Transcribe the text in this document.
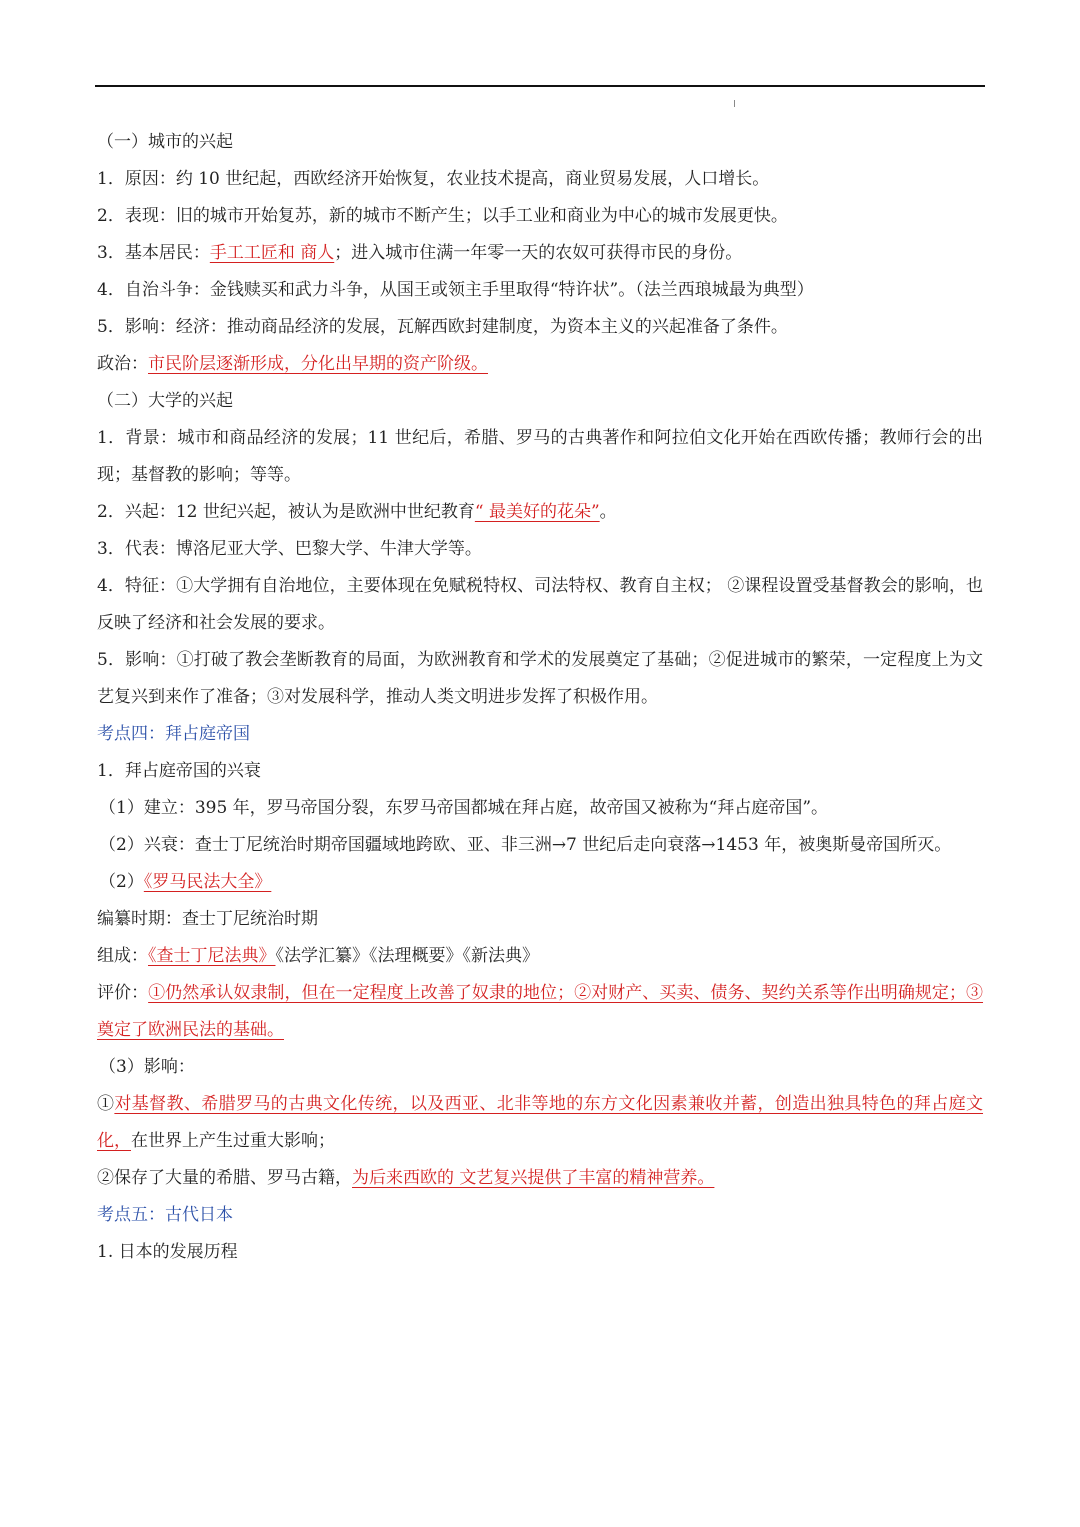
（一）城市的兴起
1．原因：约 10 世纪起，西欧经济开始恢复，农业技术提高，商业贸易发展，人口增长。
2．表现：旧的城市开始复苏，新的城市不断产生；以手工业和商业为中心的城市发展更快。
3．基本居民：手工工匠和 商人；进入城市住满一年零一天的农奴可获得市民的身份。
4．自治斗争：金钱赎买和武力斗争，从国王或领主手里取得“特许状”。（法兰西琅城最为典型）
5．影响：经济：推动商品经济的发展，瓦解西欧封建制度，为资本主义的兴起准备了条件。
政治：市民阶层逐渐形成，分化出早期的资产阶级。
（二）大学的兴起
1．背景：城市和商品经济的发展；11 世纪后，希腊、罗马的古典著作和阿拉伯文化开始在西欧传播；教师行会的出现；基督教的影响；等等。
2．兴起：12 世纪兴起，被认为是欧洲中世纪教育“ 最美好的花朵”。
3．代表：博洛尼亚大学、巴黎大学、牛津大学等。
4．特征：①大学拥有自治地位，主要体现在免赋税特权、司法特权、教育自主权； ②课程设置受基督教会的影响，也反映了经济和社会发展的要求。
5．影响：①打破了教会垄断教育的局面，为欧洲教育和学术的发展奠定了基础；②促进城市的繁荣，一定程度上为文艺复兴到来作了准备；③对发展科学，推动人类文明进步发挥了积极作用。
考点四：拜占庭帝国
1．拜占庭帝国的兴衰
（1）建立：395 年，罗马帝国分裂，东罗马帝国都城在拜占庭，故帝国又被称为“拜占庭帝国”。
（2）兴衰：查士丁尼统治时期帝国疆域地跨欧、亚、非三洲→7 世纪后走向衰落→1453 年，被奥斯曼帝国所灭。
（2）《罗马民法大全》
编纂时期：查士丁尼统治时期
组成：《查士丁尼法典》《法学汇纂》《法理概要》《新法典》
评价：①仍然承认奴隶制，但在一定程度上改善了奴隶的地位；②对财产、买卖、债务、契约关系等作出明确规定；③奠定了欧洲民法的基础。
（3）影响：
①对基督教、希腊罗马的古典文化传统，以及西亚、北非等地的东方文化因素兼收并蓄，创造出独具特色的拜占庭文化，在世界上产生过重大影响；
②保存了大量的希腊、罗马古籍，为后来西欧的 文艺复兴提供了丰富的精神营养。
考点五：古代日本
1. 日本的发展历程
